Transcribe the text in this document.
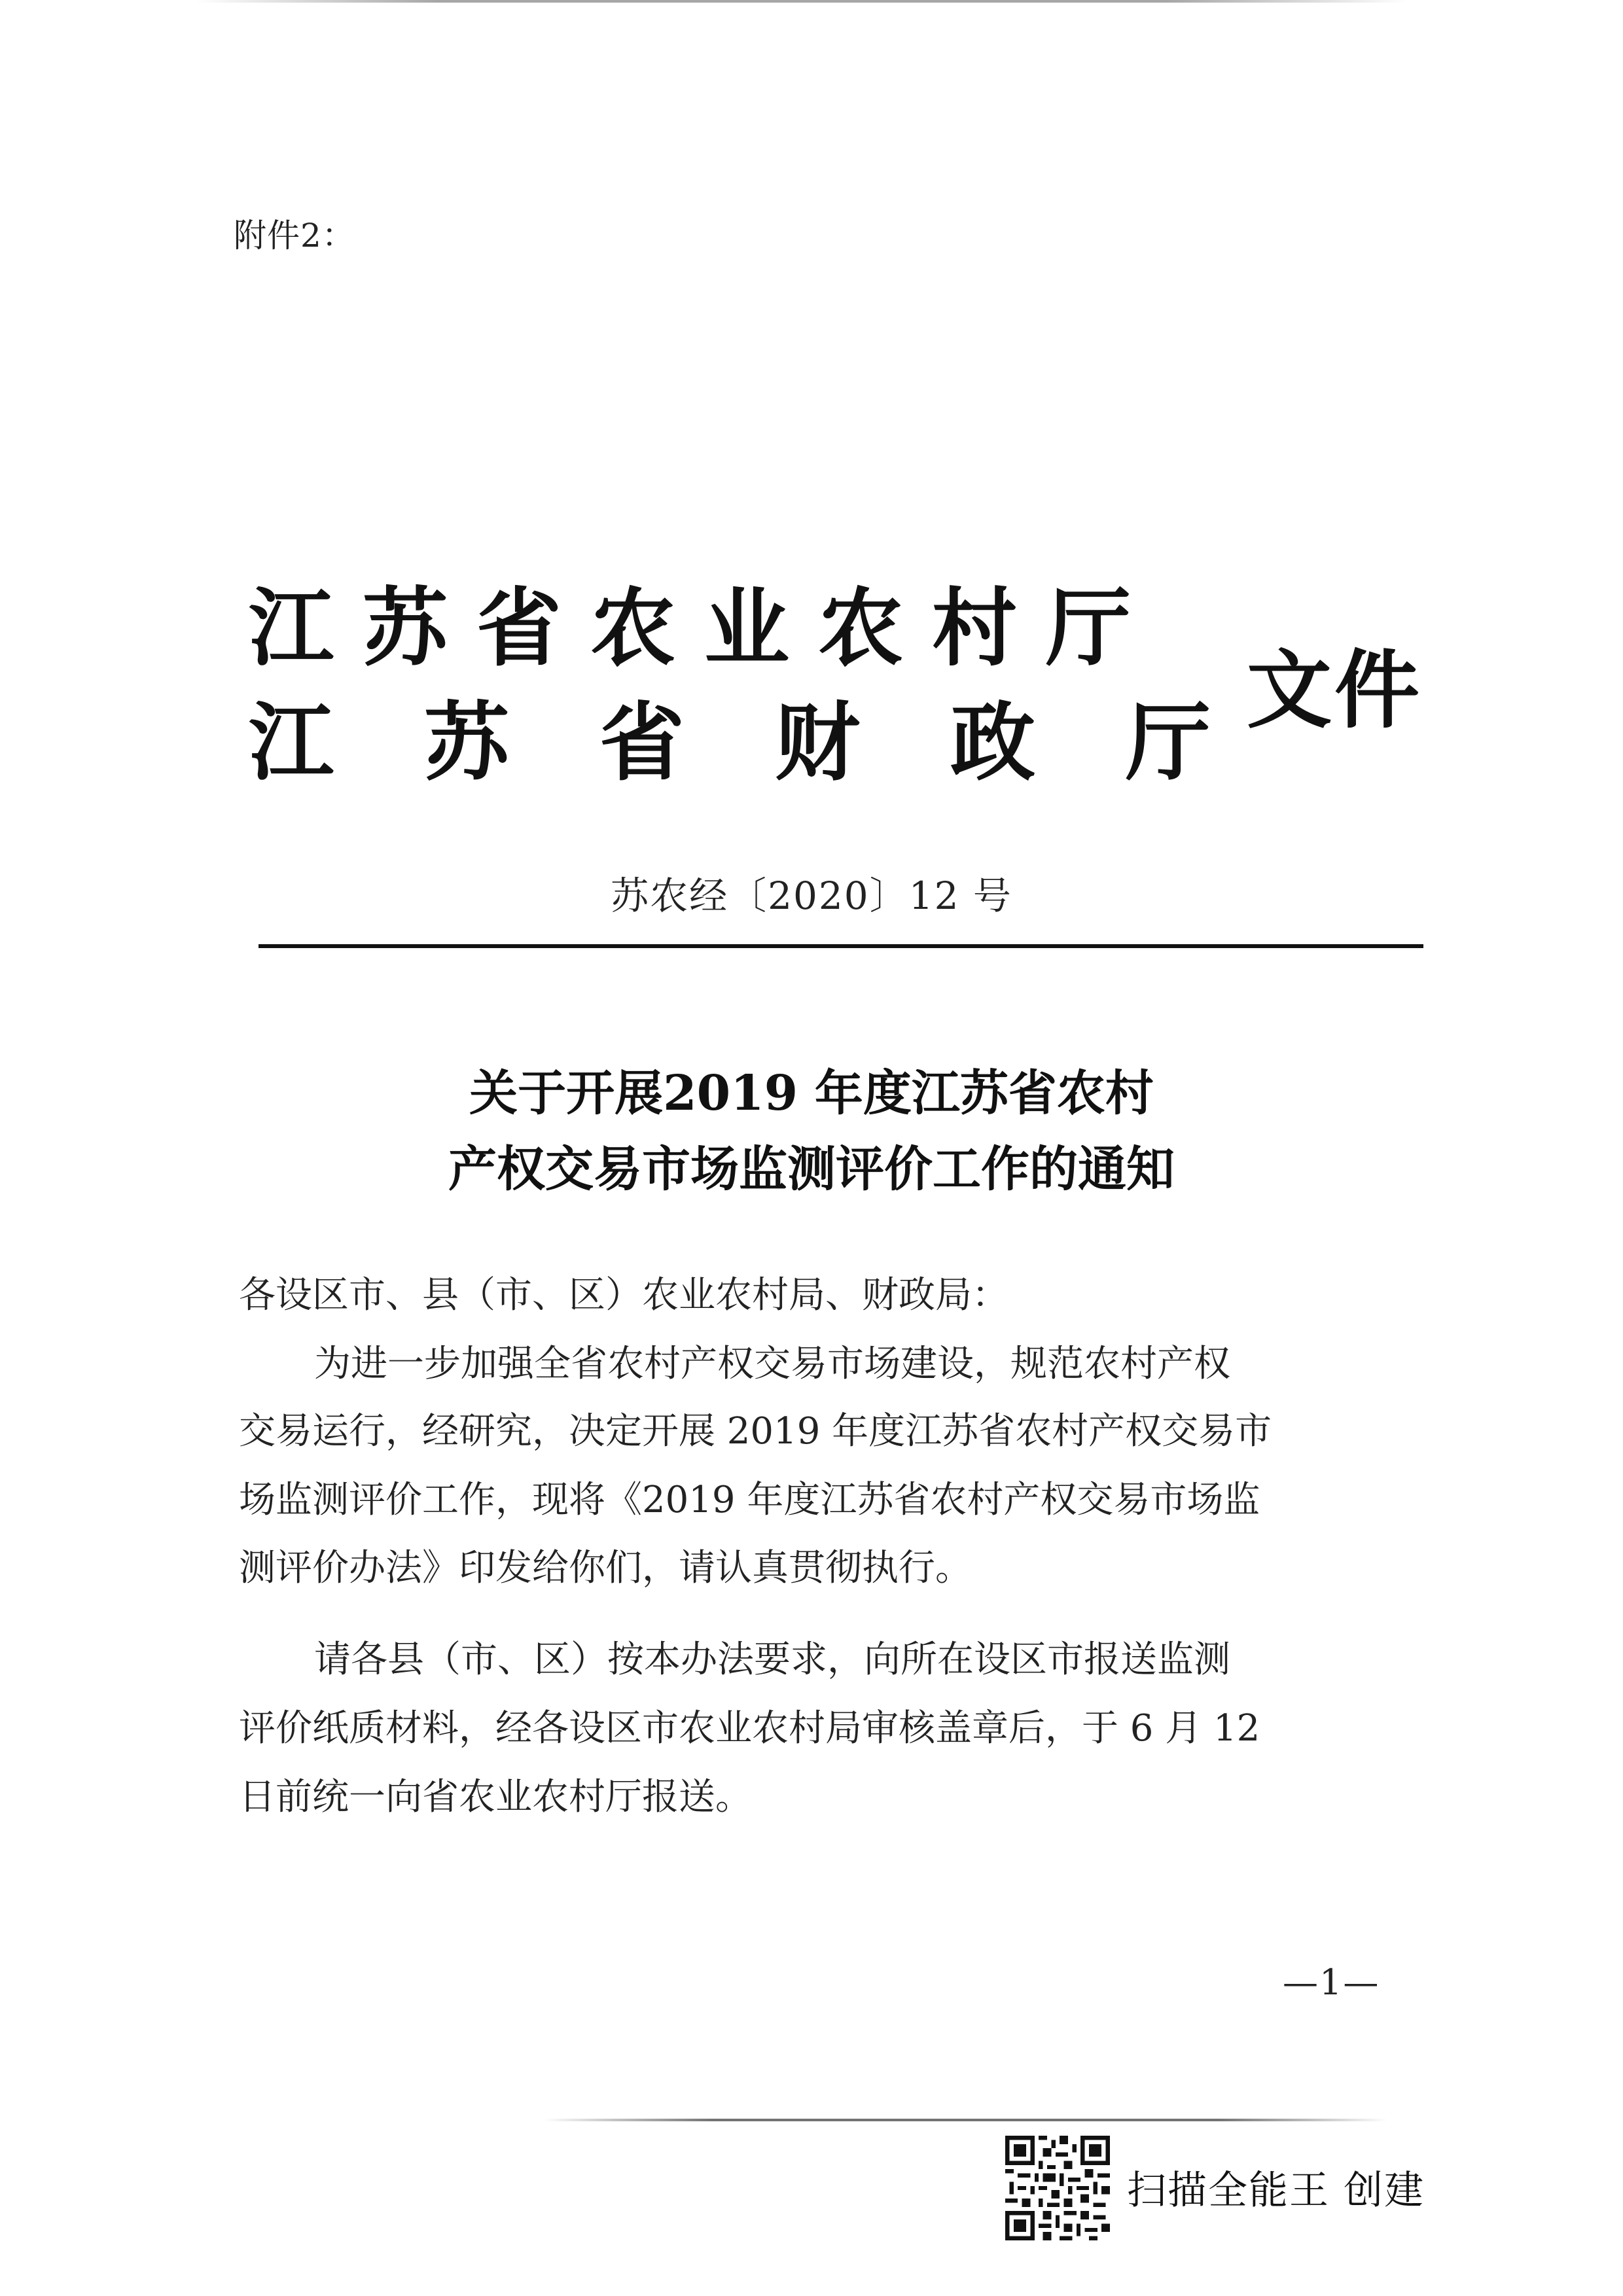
附件2：

江苏省农业农村厅

江苏省财政厅

文件

苏农经〔2020〕12 号

关于开展2019 年度江苏省农村

产权交易市场监测评价工作的通知

各设区市、县（市、区）农业农村局、财政局：

为进一步加强全省农村产权交易市场建设，规范农村产权

交易运行，经研究，决定开展 2019 年度江苏省农村产权交易市

场监测评价工作，现将《2019 年度江苏省农村产权交易市场监

测评价办法》印发给你们，请认真贯彻执行。

请各县（市、区）按本办法要求，向所在设区市报送监测

评价纸质材料，经各设区市农业农村局审核盖章后，于 6 月 12

日前统一向省农业农村厅报送。

—1—

扫描全能王 创建
